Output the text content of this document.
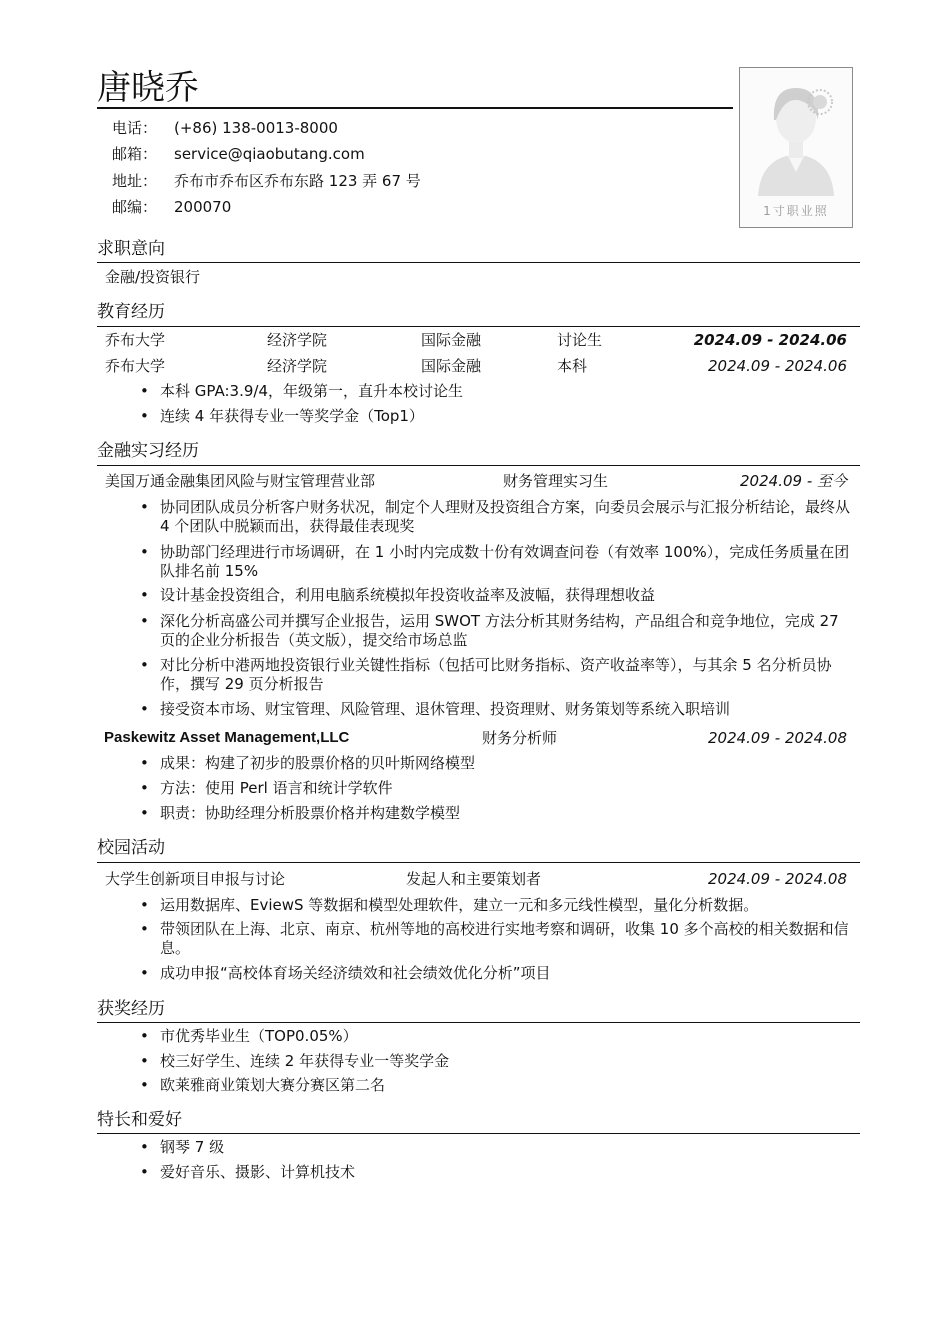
唐晓乔
电话： (+86) 138-0013-8000
邮箱： service@qiaobutang.com
地址： 乔布市乔布区乔布东路 123 弄 67 号
邮编： 200070	1寸职业照
求职意向
金融/投资银行
教育经历
乔布大学	经济学院	国际金融	讨论生	2024.09 - 2024.06
乔布大学	经济学院	国际金融	本科	2024.09 - 2024.06
• 本科 GPA:3.9/4，年级第一，直升本校讨论生
• 连续 4 年获得专业一等奖学金（Top1）
金融实习经历
美国万通金融集团风险与财宝管理营业部	财务管理实习生	2024.09 - 至今
• 协同团队成员分析客户财务状况，制定个人理财及投资组合方案，向委员会展示与汇报分析结论，最终从 4 个团队中脱颖而出，获得最佳表现奖
• 协助部门经理进行市场调研，在 1 小时内完成数十份有效调查问卷（有效率 100%），完成任务质量在团队排名前 15%
• 设计基金投资组合，利用电脑系统模拟年投资收益率及波幅，获得理想收益
• 深化分析高盛公司并撰写企业报告，运用 SWOT 方法分析其财务结构，产品组合和竞争地位，完成 27 页的企业分析报告（英文版），提交给市场总监
• 对比分析中港两地投资银行业关键性指标（包括可比财务指标、资产收益率等），与其余 5 名分析员协作，撰写 29 页分析报告
• 接受资本市场、财宝管理、风险管理、退休管理、投资理财、财务策划等系统入职培训
Paskewitz Asset Management,LLC	财务分析师	2024.09 - 2024.08
• 成果：构建了初步的股票价格的贝叶斯网络模型
• 方法：使用 Perl 语言和统计学软件
• 职责：协助经理分析股票价格并构建数学模型
校园活动
大学生创新项目申报与讨论	发起人和主要策划者	2024.09 - 2024.08
• 运用数据库、EviewS 等数据和模型处理软件，建立一元和多元线性模型，量化分析数据。
• 带领团队在上海、北京、南京、杭州等地的高校进行实地考察和调研，收集 10 多个高校的相关数据和信息。
• 成功申报“高校体育场关经济绩效和社会绩效优化分析”项目
获奖经历
• 市优秀毕业生（TOP0.05%）
• 校三好学生、连续 2 年获得专业一等奖学金
• 欧莱雅商业策划大赛分赛区第二名
特长和爱好
• 钢琴 7 级
• 爱好音乐、摄影、计算机技术
